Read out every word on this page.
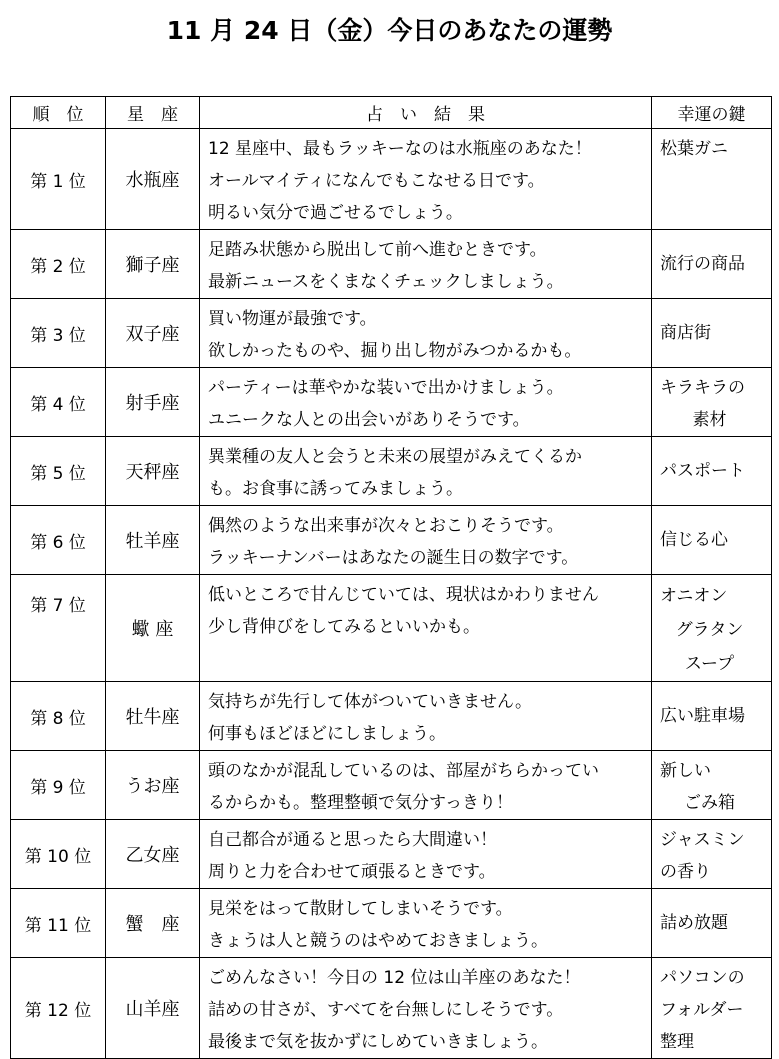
11 月 24 日（金）今日のあなたの運勢
順　位	星　座	占　い　結　果	幸運の鍵
第 1 位	水瓶座	12 星座中、最もラッキーなのは水瓶座のあなた！
オールマイティになんでもこなせる日です。
明るい気分で過ごせるでしょう。	松葉ガニ

第 2 位	獅子座	足踏み状態から脱出して前へ進むときです。
最新ニュースをくまなくチェックしましょう。	流行の商品

第 3 位	双子座	買い物運が最強です。
欲しかったものや、掘り出し物がみつかるかも。	商店街

第 4 位	射手座	パーティーは華やかな装いで出かけましょう。
ユニークな人との出会いがありそうです。	キラキラの
素材

第 5 位	天秤座	異業種の友人と会うと未来の展望がみえてくるか
も。お食事に誘ってみましょう。	パスポート

第 6 位	牡羊座	偶然のような出来事が次々とおこりそうです。
ラッキーナンバーはあなたの誕生日の数字です。	信じる心

第 7 位	蠍 座	低いところで甘んじていては、現状はかわりません
少し背伸びをしてみるといいかも。	オニオン
グラタン
スープ

第 8 位	牡牛座	気持ちが先行して体がついていきません。
何事もほどほどにしましょう。	広い駐車場

第 9 位	うお座	頭のなかが混乱しているのは、部屋がちらかってい
るからかも。整理整頓で気分すっきり！	新しい
ごみ箱

第 10 位	乙女座	自己都合が通ると思ったら大間違い！
周りと力を合わせて頑張るときです。	ジャスミン
の香り

第 11 位	蟹　座	見栄をはって散財してしまいそうです。
きょうは人と競うのはやめておきましょう。	詰め放題

第 12 位	山羊座	ごめんなさい！今日の 12 位は山羊座のあなた！
詰めの甘さが、すべてを台無しにしそうです。
最後まで気を抜かずにしめていきましょう。	パソコンの
フォルダー
整理
